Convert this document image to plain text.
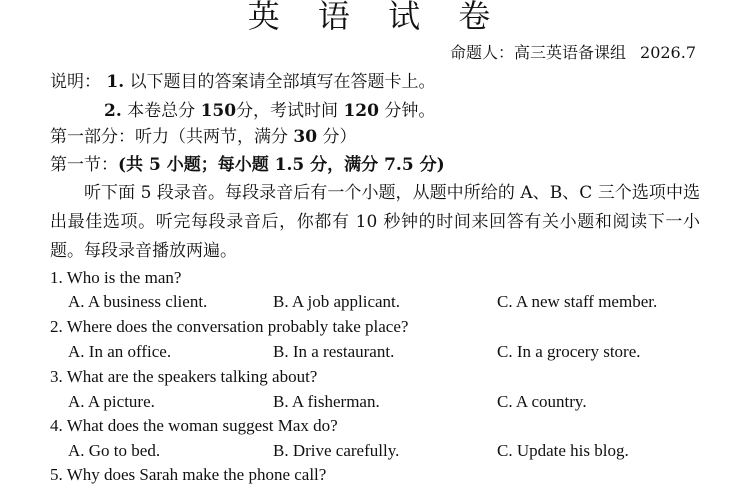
英 语 试 卷
命题人：高三英语备课组 2026.7
说明： 1. 以下题目的答案请全部填写在答题卡上。
2. 本卷总分 150分，考试时间 120 分钟。
第一部分：听力（共两节，满分 30 分）
第一节：(共 5 小题；每小题 1.5 分，满分 7.5 分)
听下面 5 段录音。每段录音后有一个小题，从题中所给的 A、B、C 三个选项中选出最佳选项。听完每段录音后，你都有 10 秒钟的时间来回答有关小题和阅读下一小题。每段录音播放两遍。
1. Who is the man?
A. A business client.	B. A job applicant.	C. A new staff member.
2. Where does the conversation probably take place?
A. In an office.	B. In a restaurant.	C. In a grocery store.
3. What are the speakers talking about?
A. A picture.	B. A fisherman.	C. A country.
4. What does the woman suggest Max do?
A. Go to bed.	B. Drive carefully.	C. Update his blog.
5. Why does Sarah make the phone call?
